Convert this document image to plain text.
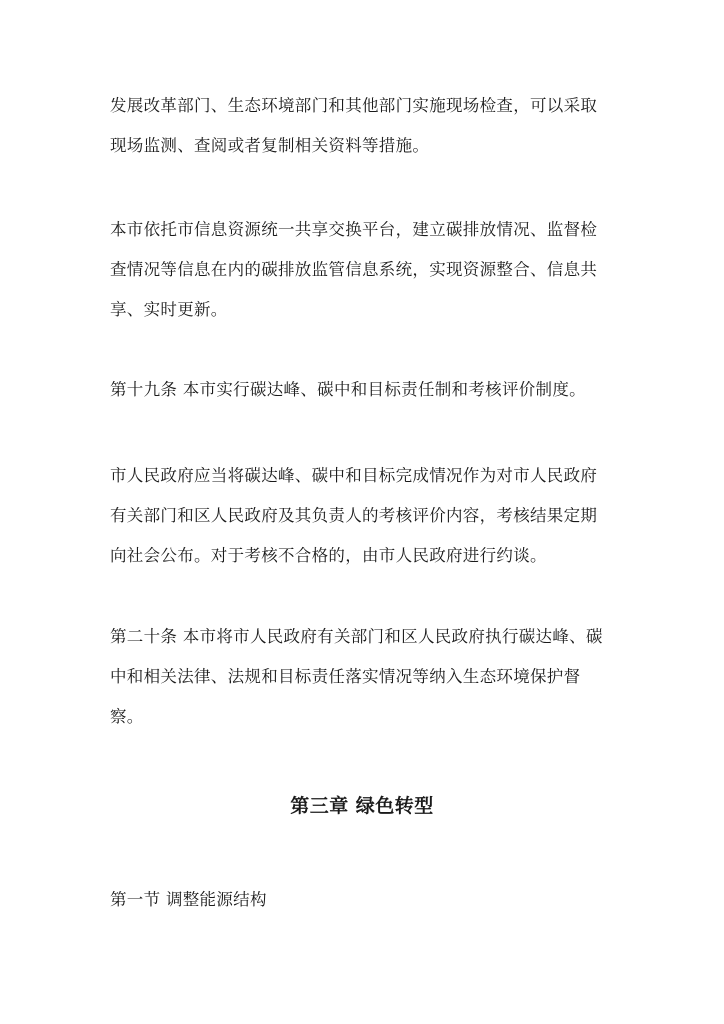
发展改革部门、生态环境部门和其他部门实施现场检查，可以采取
现场监测、查阅或者复制相关资料等措施。
本市依托市信息资源统一共享交换平台，建立碳排放情况、监督检
查情况等信息在内的碳排放监管信息系统，实现资源整合、信息共
享、实时更新。
第十九条 本市实行碳达峰、碳中和目标责任制和考核评价制度。
市人民政府应当将碳达峰、碳中和目标完成情况作为对市人民政府
有关部门和区人民政府及其负责人的考核评价内容，考核结果定期
向社会公布。对于考核不合格的，由市人民政府进行约谈。
第二十条 本市将市人民政府有关部门和区人民政府执行碳达峰、碳
中和相关法律、法规和目标责任落实情况等纳入生态环境保护督
察。
第三章 绿色转型
第一节 调整能源结构
